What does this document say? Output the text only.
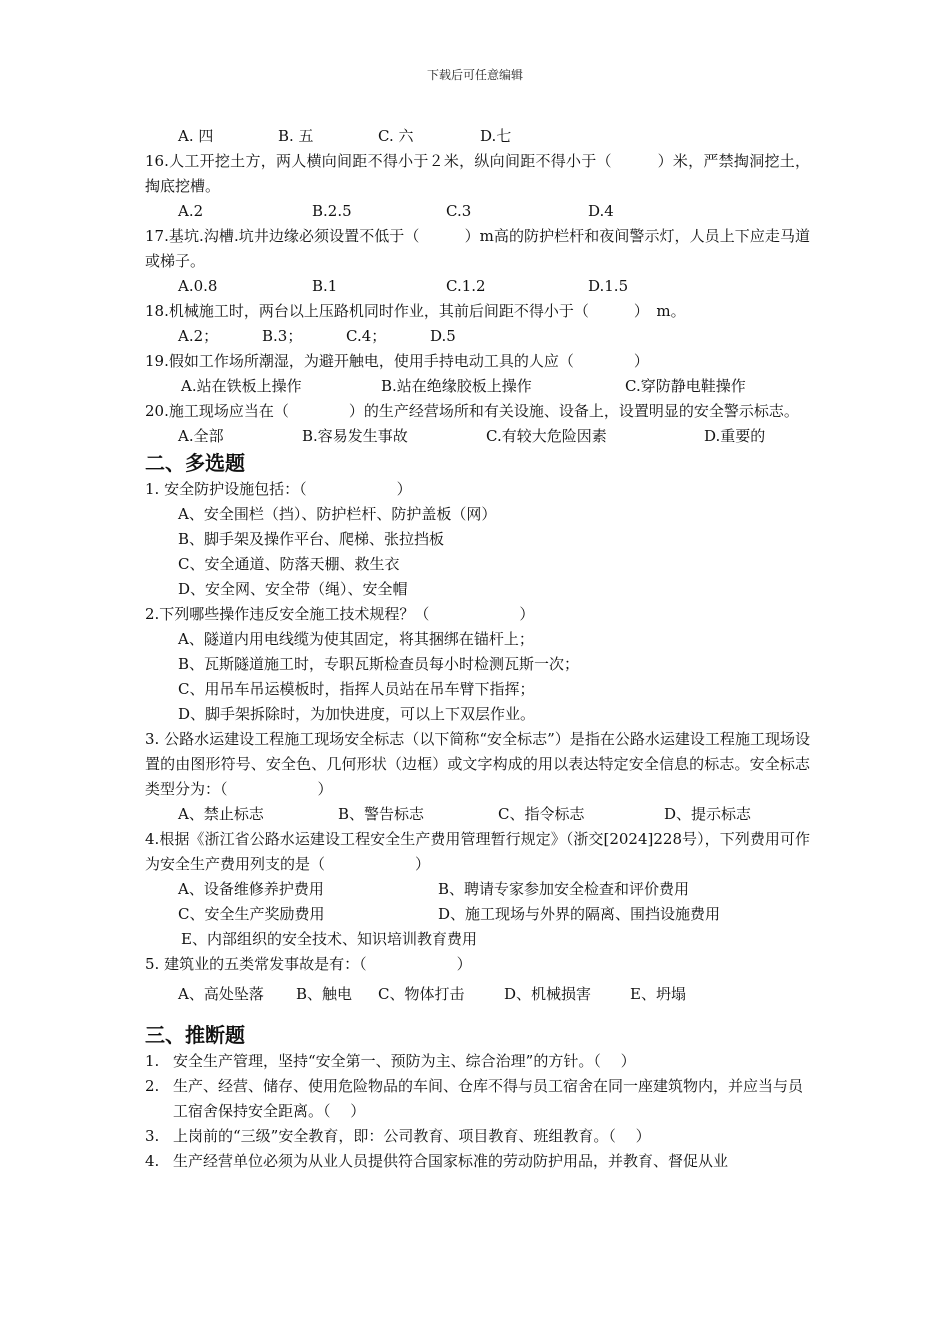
下载后可任意编辑
A. 四	B. 五	C. 六	D.七
16.人工开挖土方，两人横向间距不得小于２米，纵向间距不得小于（　　　）米，严禁掏洞挖土，掏底挖槽。
A.2	B.2.5	C.3	D.4
17.基坑.沟槽.坑井边缘必须设置不低于（　　　）m高的防护栏杆和夜间警示灯，人员上下应走马道或梯子。
A.0.8	B.1	C.1.2	D.1.5
18.机械施工时，两台以上压路机同时作业，其前后间距不得小于（　　　）　m。
A.2；	B.3；	C.4；	D.5
19.假如工作场所潮湿，为避开触电，使用手持电动工具的人应（　　　　）
A.站在铁板上操作	B.站在绝缘胶板上操作	C.穿防静电鞋操作
20.施工现场应当在（　　　　）的生产经营场所和有关设施、设备上，设置明显的安全警示标志。
A.全部	B.容易发生事故	C.有较大危险因素	D.重要的
二、多选题
1. 安全防护设施包括：（　　　　　　）
A、安全围栏（挡）、防护栏杆、防护盖板（网）
B、脚手架及操作平台、爬梯、张拉挡板
C、安全通道、防落天棚、救生衣
D、安全网、安全带（绳）、安全帽
2.下列哪些操作违反安全施工技术规程？（　　　　　　）
A、隧道内用电线缆为使其固定，将其捆绑在锚杆上；
B、瓦斯隧道施工时，专职瓦斯检查员每小时检测瓦斯一次；
C、用吊车吊运模板时，指挥人员站在吊车臂下指挥；
D、脚手架拆除时，为加快进度，可以上下双层作业。
3. 公路水运建设工程施工现场安全标志（以下简称“安全标志”）是指在公路水运建设工程施工现场设置的由图形符号、安全色、几何形状（边框）或文字构成的用以表达特定安全信息的标志。安全标志类型分为：（　　　　　　）
A、禁止标志	B、警告标志	C、指令标志	D、提示标志
4.根据《浙江省公路水运建设工程安全生产费用管理暂行规定》（浙交[2024]228号），下列费用可作为安全生产费用列支的是（　　　　　　）
A、设备维修养护费用	B、聘请专家参加安全检查和评价费用
C、安全生产奖励费用	D、施工现场与外界的隔离、围挡设施费用
E、内部组织的安全技术、知识培训教育费用
5. 建筑业的五类常发事故是有：（　　　　　　）
A、高处坠落	B、触电	C、物体打击	D、机械损害	E、坍塌
三、推断题
1. 安全生产管理，坚持“安全第一、预防为主、综合治理”的方针。（　 ）
2. 生产、经营、储存、使用危险物品的车间、仓库不得与员工宿舍在同一座建筑物内，并应当与员工宿舍保持安全距离。（　 ）
3. 上岗前的“三级”安全教育，即：公司教育、项目教育、班组教育。（　 ）
4. 生产经营单位必须为从业人员提供符合国家标准的劳动防护用品，并教育、督促从业
